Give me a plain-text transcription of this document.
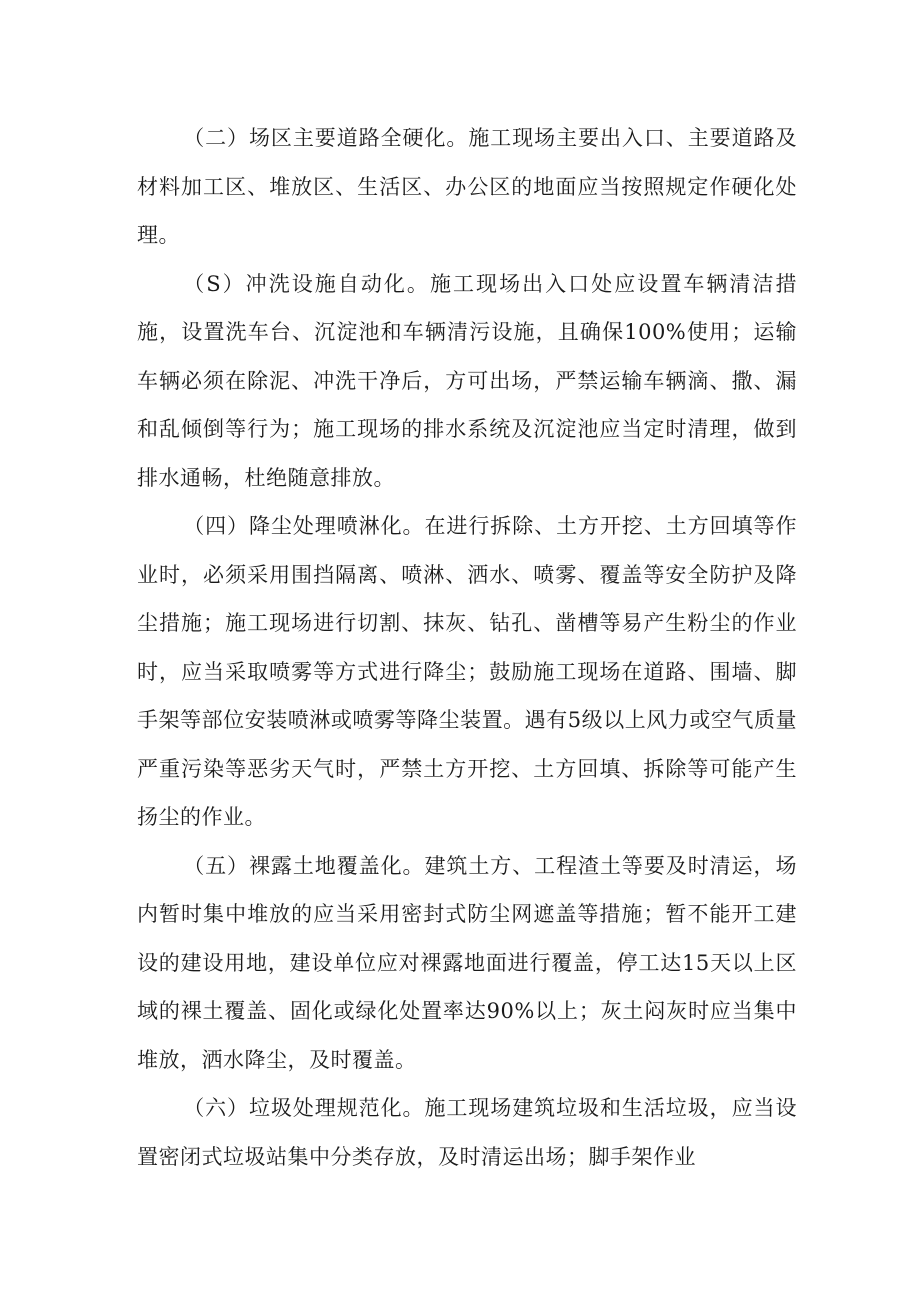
（二）场区主要道路全硬化。施工现场主要出入口、主要道路及材料加工区、堆放区、生活区、办公区的地面应当按照规定作硬化处理。

（S）冲洗设施自动化。施工现场出入口处应设置车辆清洁措施，设置洗车台、沉淀池和车辆清污设施，且确保100%使用；运输车辆必须在除泥、冲洗干净后，方可出场，严禁运输车辆滴、撒、漏和乱倾倒等行为；施工现场的排水系统及沉淀池应当定时清理，做到排水通畅，杜绝随意排放。

（四）降尘处理喷淋化。在进行拆除、土方开挖、土方回填等作业时，必须采用围挡隔离、喷淋、洒水、喷雾、覆盖等安全防护及降尘措施；施工现场进行切割、抹灰、钻孔、凿槽等易产生粉尘的作业时，应当采取喷雾等方式进行降尘；鼓励施工现场在道路、围墙、脚手架等部位安装喷淋或喷雾等降尘装置。遇有5级以上风力或空气质量严重污染等恶劣天气时，严禁土方开挖、土方回填、拆除等可能产生扬尘的作业。

（五）裸露土地覆盖化。建筑土方、工程渣土等要及时清运，场内暂时集中堆放的应当采用密封式防尘网遮盖等措施；暂不能开工建设的建设用地，建设单位应对裸露地面进行覆盖，停工达15天以上区域的裸土覆盖、固化或绿化处置率达90%以上；灰土闷灰时应当集中堆放，洒水降尘，及时覆盖。

（六）垃圾处理规范化。施工现场建筑垃圾和生活垃圾，应当设置密闭式垃圾站集中分类存放，及时清运出场；脚手架作业
